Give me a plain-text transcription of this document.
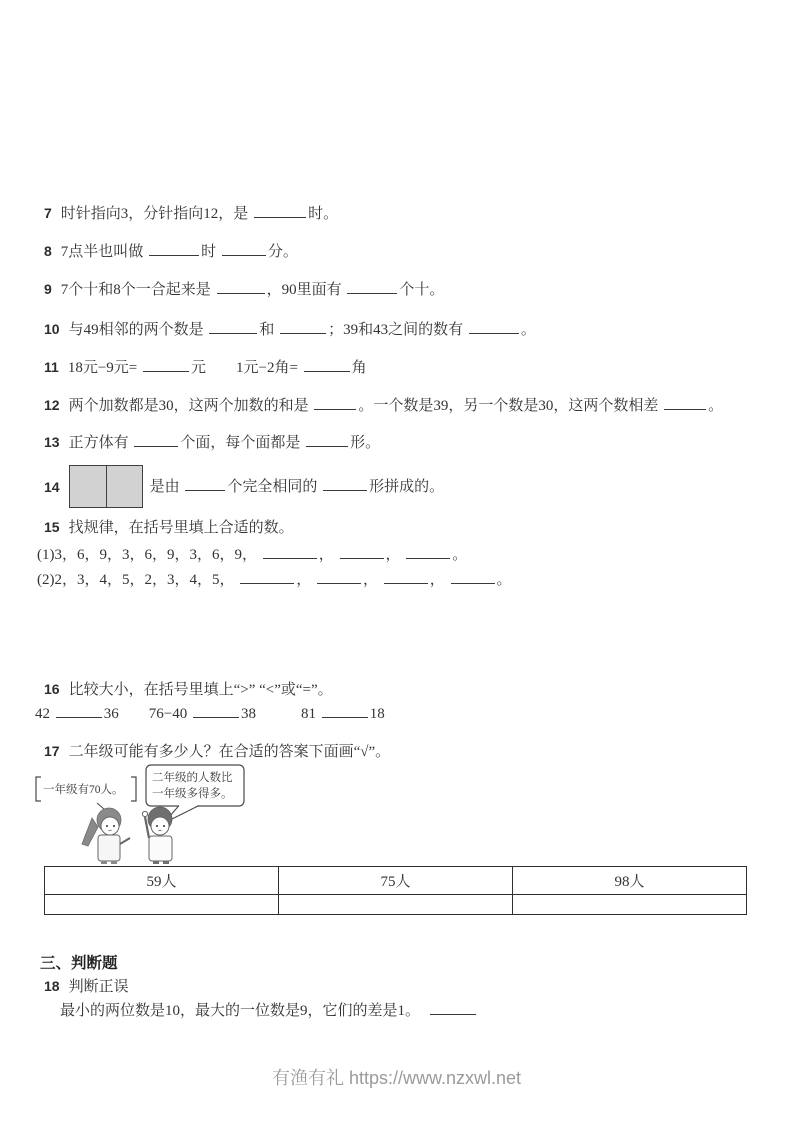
7 时针指向3，分针指向12，是	时。
8 7点半也叫做	时	分。
9 7个十和8个一合起来是	，90里面有	个十。
10 与49相邻的两个数是	和	；39和43之间的数有	。
11 18元−9元=	元　　1元−2角=	角
12 两个加数都是30，这两个加数的和是	。一个数是39，另一个数是30，这两个数相差	。
13 正方体有	个面，每个面都是	形。
14	是由	个完全相同的	形拼成的。
15 找规律，在括号里填上合适的数。
(1)3，6，9，3，6，9，3，6，9，	，	，	。
(2)2，3，4，5，2，3，4，5，	，	，	，	。
16 比较大小，在括号里填上“>” “<”或“=”。
42	36　　76−40	38　　　81	18
17 二年级可能有多少人？在合适的答案下面画“√”。
一年级有70人。
二年级的人数比
一年级多得多。
59人	75人	98人

三、判断题
18 判断正误
最小的两位数是10，最大的一位数是9，它们的差是1。
有渔有礼 https://www.nzxwl.net
